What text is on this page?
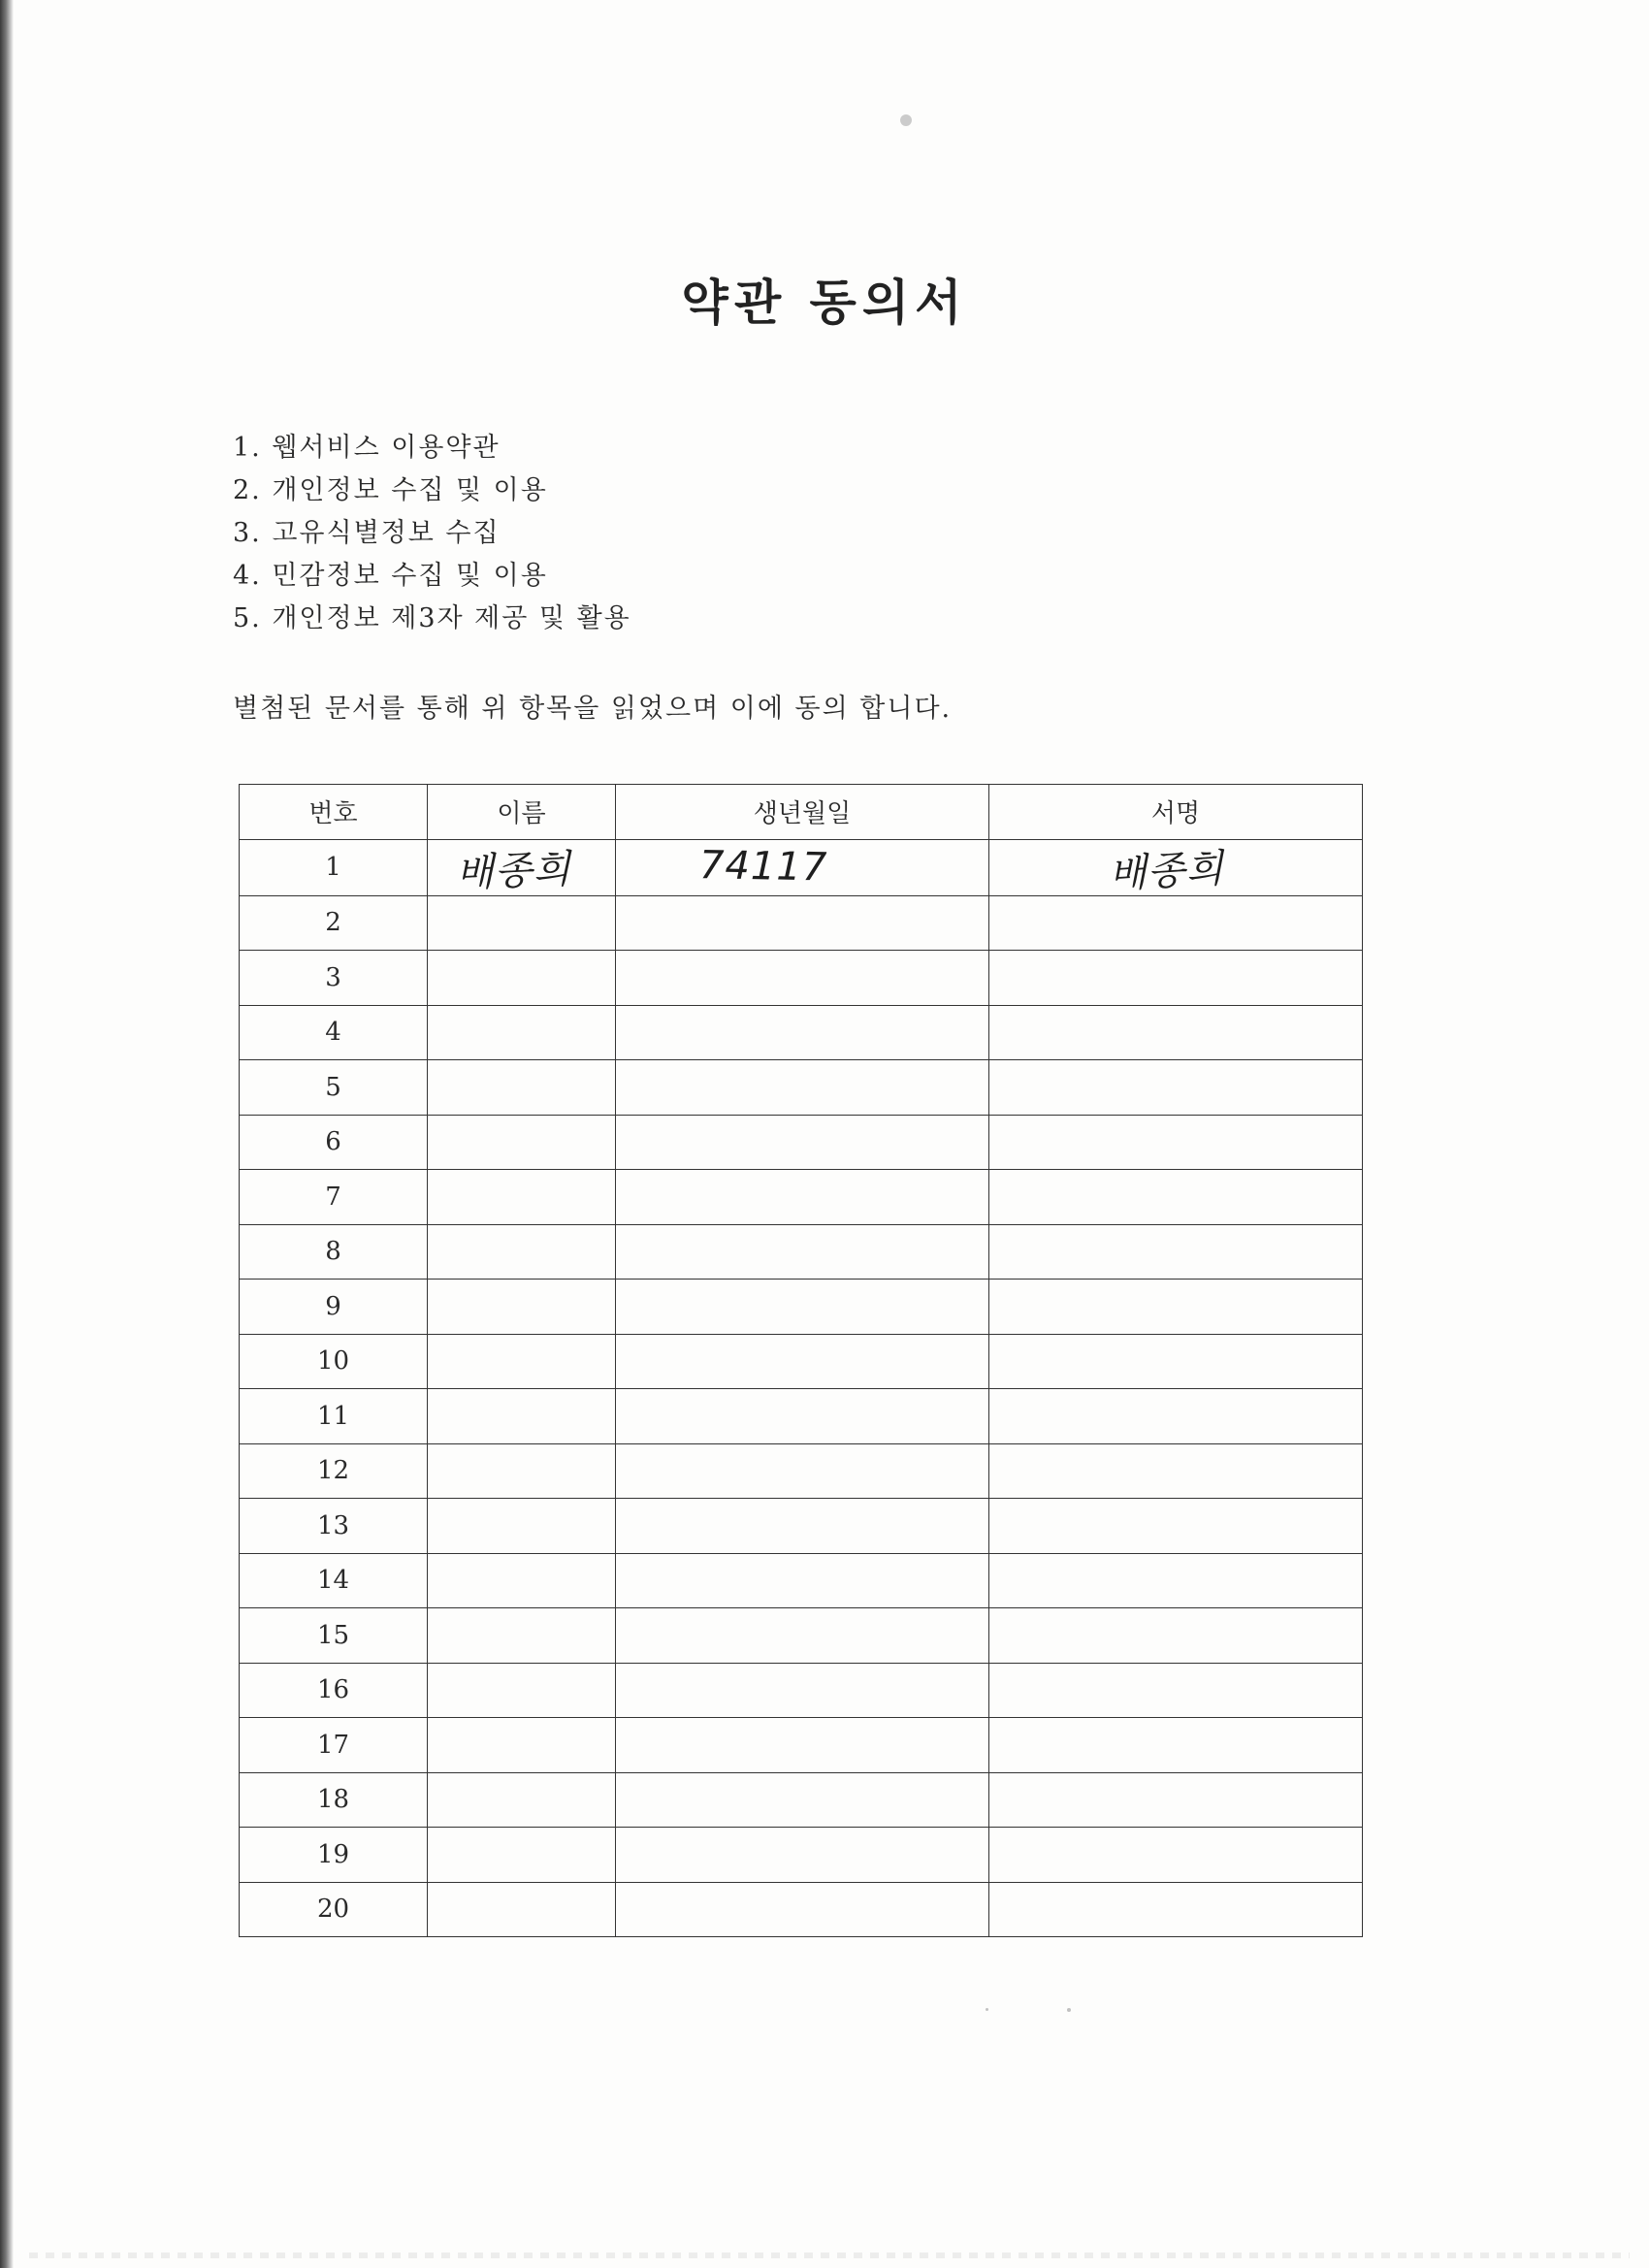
약관 동의서
1. 웹서비스 이용약관
2. 개인정보 수집 및 이용
3. 고유식별정보 수집
4. 민감정보 수집 및 이용
5. 개인정보 제3자 제공 및 활용

별첨된 문서를 통해 위 항목을 읽었으며 이에 동의 합니다.

번호	이름	생년월일	서명
1	배종희	74117	배종희
2			
3			
4			
5			
6			
7			
8			
9			
10			
11			
12			
13			
14			
15			
16			
17			
18			
19			
20			
